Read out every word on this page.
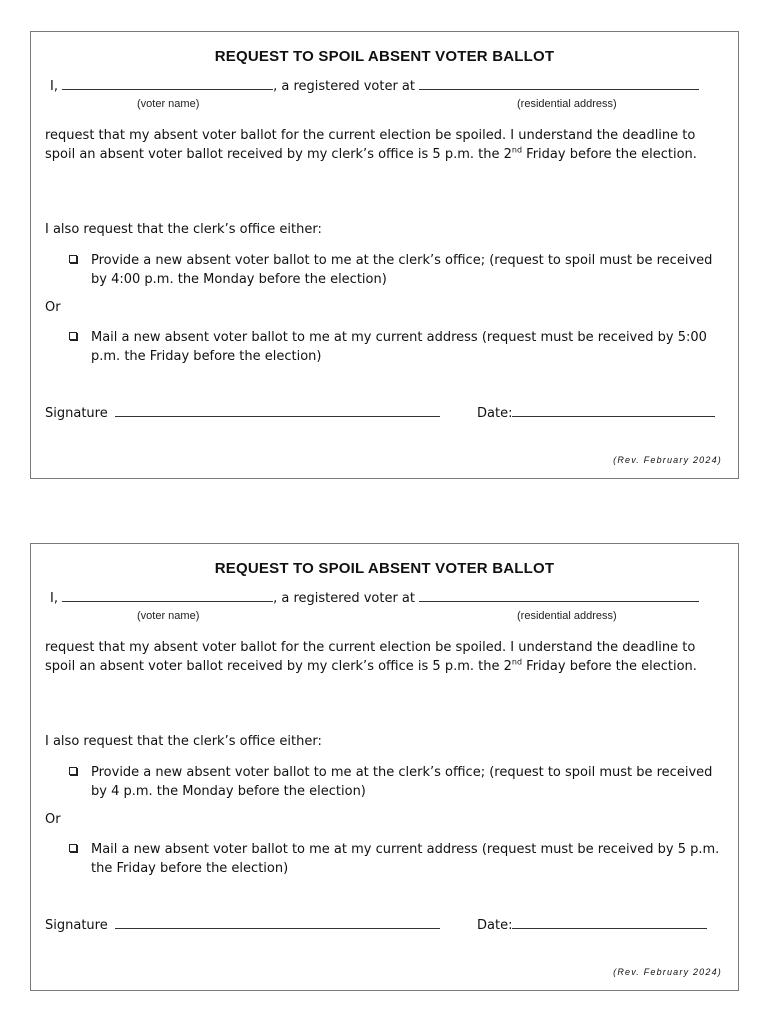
REQUEST TO SPOIL ABSENT VOTER BALLOT
I,	, a registered voter at
(voter name)	(residential address)
request that my absent voter ballot for the current election be spoiled. I understand the deadline to spoil an absent voter ballot received by my clerk’s office is 5 p.m. the 2nd Friday before the election.
I also request that the clerk’s office either:
Provide a new absent voter ballot to me at the clerk’s office; (request to spoil must be received by 4:00 p.m. the Monday before the election)
Or
Mail a new absent voter ballot to me at my current address (request must be received by 5:00 p.m. the Friday before the election)
Signature	Date:
(Rev. February 2024)
REQUEST TO SPOIL ABSENT VOTER BALLOT
I,	, a registered voter at
(voter name)	(residential address)
request that my absent voter ballot for the current election be spoiled. I understand the deadline to spoil an absent voter ballot received by my clerk’s office is 5 p.m. the 2nd Friday before the election.
I also request that the clerk’s office either:
Provide a new absent voter ballot to me at the clerk’s office; (request to spoil must be received by 4 p.m. the Monday before the election)
Or
Mail a new absent voter ballot to me at my current address (request must be received by 5 p.m. the Friday before the election)
Signature	Date:
(Rev. February 2024)
